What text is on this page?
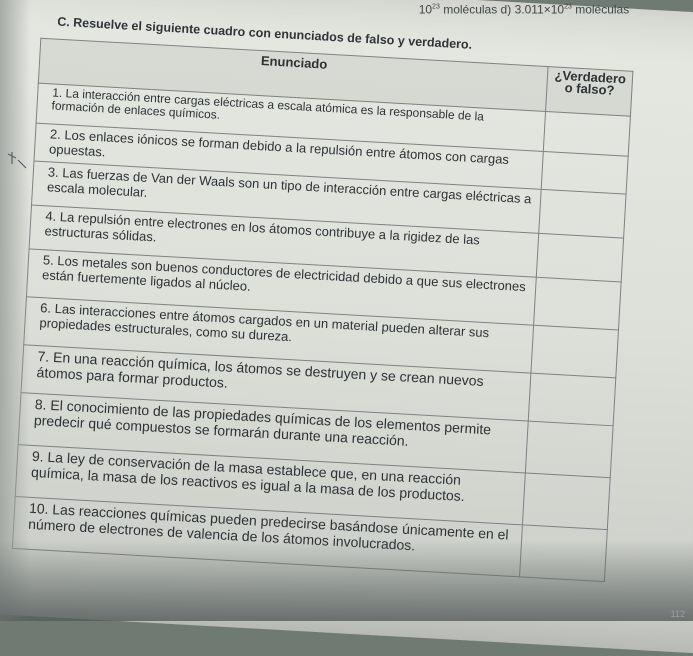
$10^{23}$ moléculas d) $3.011\times 10^{23}$ moléculas
C. Resuelve el siguiente cuadro con enunciados de falso y verdadero.
Enunciado	¿Verdadero o falso?
1. La interacción entre cargas eléctricas a escala atómica es la responsable de la formación de enlaces químicos.	
2. Los enlaces iónicos se forman debido a la repulsión entre átomos con cargas opuestas.	
3. Las fuerzas de Van der Waals son un tipo de interacción entre cargas eléctricas a escala molecular.	
4. La repulsión entre electrones en los átomos contribuye a la rigidez de las estructuras sólidas.	
5. Los metales son buenos conductores de electricidad debido a que sus electrones están fuertemente ligados al núcleo.	
6. Las interacciones entre átomos cargados en un material pueden alterar sus propiedades estructurales, como su dureza.	
7. En una reacción química, los átomos se destruyen y se crean nuevos átomos para formar productos.	
8. El conocimiento de las propiedades químicas de los elementos permite predecir qué compuestos se formarán durante una reacción.	
9. La ley de conservación de la masa establece que, en una reacción química, la masa de los reactivos es igual a la masa de los productos.	
10. Las reacciones químicas pueden predecirse basándose únicamente en el número de electrones de valencia de los átomos involucrados.	
112
